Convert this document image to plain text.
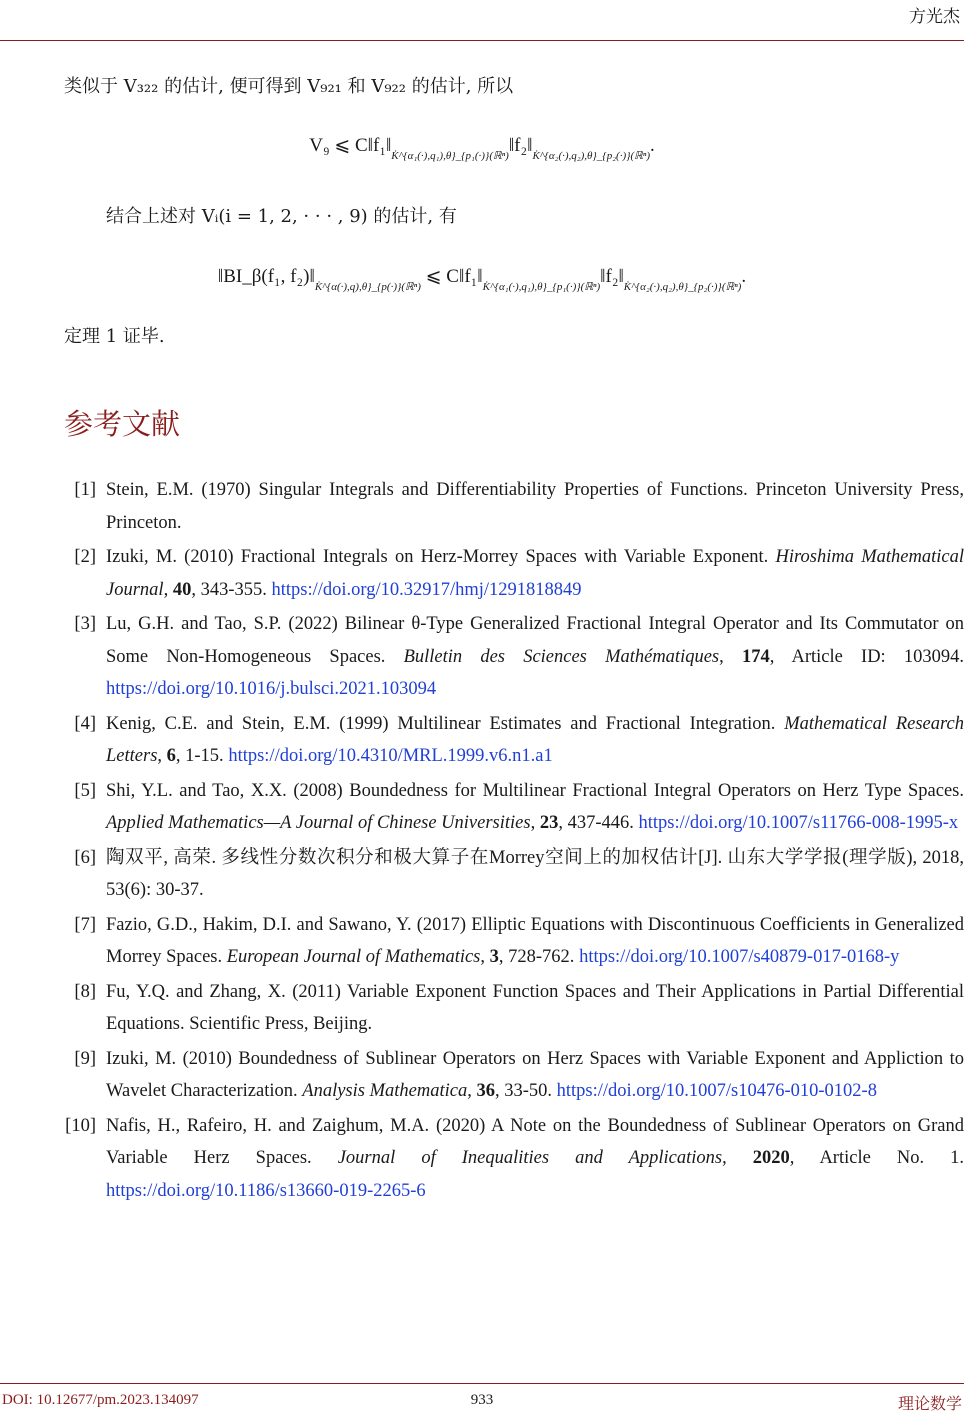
方光杰
类似于 V₃₂₂ 的估计, 便可得到 V₉₂₁ 和 V₉₂₂ 的估计, 所以
V₉ ⩽ $C‖f_1‖_{K̇\^{}\{\alpha_1(\cdot),q_1),\theta\}\_\{p_1(\cdot)\}(ℝ^n)}‖f_2‖_{K̇\^{}\{\alpha_2(\cdot),q_2),\theta\}\_\{p_2(\cdot)\}(ℝ^n)}$.
结合上述对 Vᵢ(i = 1, 2, · · · , 9) 的估计, 有
‖BI_β(f₁, $f_2)‖_{K̇\^{}\{\alpha(\cdot),q),\theta\}\_\{p(\cdot)\}(ℝ^n)}$ ⩽ $C‖f_1‖_{K̇\^{}\{\alpha_1(\cdot),q_1),\theta\}\_\{p_1(\cdot)\}(ℝ^n)}‖f_2‖_{K̇\^{}\{\alpha_2(\cdot),q_2),\theta\}\_\{p_2(\cdot)\}(ℝ^n)}$.
定理 1 证毕.
参考文献
[1] Stein, E.M. (1970) Singular Integrals and Differentiability Properties of Functions. Princeton University Press, Princeton.
[2] Izuki, M. (2010) Fractional Integrals on Herz-Morrey Spaces with Variable Exponent. Hiroshima Mathematical Journal, 40, 343-355. https://doi.org/10.32917/hmj/1291818849
[3] Lu, G.H. and Tao, S.P. (2022) Bilinear θ-Type Generalized Fractional Integral Operator and Its Commutator on Some Non-Homogeneous Spaces. Bulletin des Sciences Mathématiques, 174, Article ID: 103094. https://doi.org/10.1016/j.bulsci.2021.103094
[4] Kenig, C.E. and Stein, E.M. (1999) Multilinear Estimates and Fractional Integration. Mathematical Research Letters, 6, 1-15. https://doi.org/10.4310/MRL.1999.v6.n1.a1
[5] Shi, Y.L. and Tao, X.X. (2008) Boundedness for Multilinear Fractional Integral Operators on Herz Type Spaces. Applied Mathematics—A Journal of Chinese Universities, 23, 437-446. https://doi.org/10.1007/s11766-008-1995-x
[6] 陶双平, 高荣. 多线性分数次积分和极大算子在Morrey空间上的加权估计[J]. 山东大学学报(理学版), 2018, 53(6): 30-37.
[7] Fazio, G.D., Hakim, D.I. and Sawano, Y. (2017) Elliptic Equations with Discontinuous Coefficients in Generalized Morrey Spaces. European Journal of Mathematics, 3, 728-762. https://doi.org/10.1007/s40879-017-0168-y
[8] Fu, Y.Q. and Zhang, X. (2011) Variable Exponent Function Spaces and Their Applications in Partial Differential Equations. Scientific Press, Beijing.
[9] Izuki, M. (2010) Boundedness of Sublinear Operators on Herz Spaces with Variable Exponent and Appliction to Wavelet Characterization. Analysis Mathematica, 36, 33-50. https://doi.org/10.1007/s10476-010-0102-8
[10] Nafis, H., Rafeiro, H. and Zaighum, M.A. (2020) A Note on the Boundedness of Sublinear Operators on Grand Variable Herz Spaces. Journal of Inequalities and Applications, 2020, Article No. 1. https://doi.org/10.1186/s13660-019-2265-6
DOI: 10.12677/pm.2023.134097	933	理论数学
